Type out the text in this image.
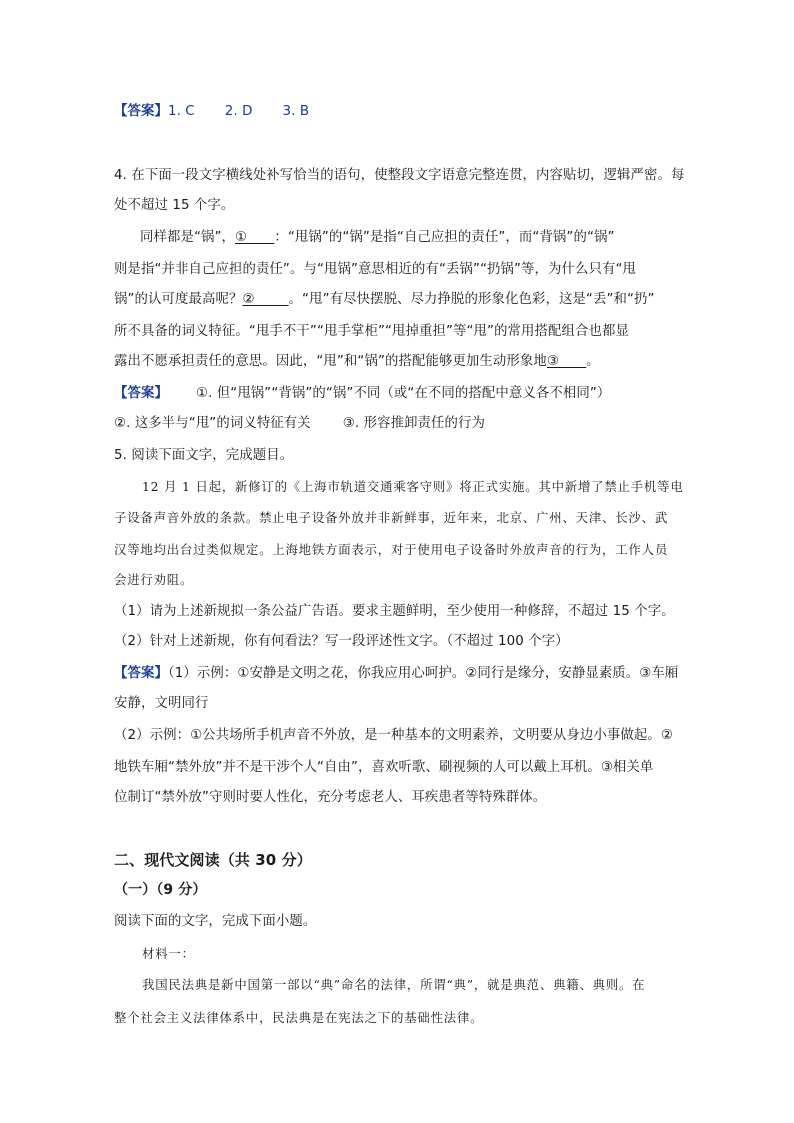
【答案】1. C 2. D 3. B
4. 在下面一段文字横线处补写恰当的语句，使整段文字语意完整连贯，内容贴切，逻辑严密。每
处不超过 15 个字。
同样都是“锅”，①____：“甩锅”的“锅”是指“自己应担的责任”，而“背锅”的“锅”
则是指“并非自己应担的责任”。与“甩锅”意思相近的有“丢锅”“扔锅”等，为什么只有“甩
锅”的认可度最高呢？②_____。“甩”有尽快摆脱、尽力挣脱的形象化色彩，这是“丢”和“扔”
所不具备的词义特征。“甩手不干”“甩手掌柜”“甩掉重担”等“甩”的常用搭配组合也都显
露出不愿承担责任的意思。因此，“甩”和“锅”的搭配能够更加生动形象地③____。
【答案】 ①. 但“甩锅”“背锅”的“锅”不同（或“在不同的搭配中意义各不相同”）
②. 这多半与“甩”的词义特征有关 ③. 形容推卸责任的行为
5. 阅读下面文字，完成题目。
12 月 1 日起，新修订的《上海市轨道交通乘客守则》将正式实施。其中新增了禁止手机等电
子设备声音外放的条款。禁止电子设备外放并非新鲜事，近年来，北京、广州、天津、长沙、武
汉等地均出台过类似规定。上海地铁方面表示，对于使用电子设备时外放声音的行为，工作人员
会进行劝阻。
（1）请为上述新规拟一条公益广告语。要求主题鲜明，至少使用一种修辞，不超过 15 个字。
（2）针对上述新规，你有何看法？写一段评述性文字。（不超过 100 个字）
【答案】（1）示例：①安静是文明之花，你我应用心呵护。②同行是缘分，安静显素质。③车厢
安静，文明同行
（2）示例：①公共场所手机声音不外放，是一种基本的文明素养，文明要从身边小事做起。②
地铁车厢“禁外放”并不是干涉个人“自由”，喜欢听歌、刷视频的人可以戴上耳机。③相关单
位制订“禁外放”守则时要人性化，充分考虑老人、耳疾患者等特殊群体。
二、现代文阅读（共 30 分）
（一）（9 分）
阅读下面的文字，完成下面小题。
材料一：
我国民法典是新中国第一部以“典”命名的法律，所谓“典”，就是典范、典籍、典则。在
整个社会主义法律体系中，民法典是在宪法之下的基础性法律。
